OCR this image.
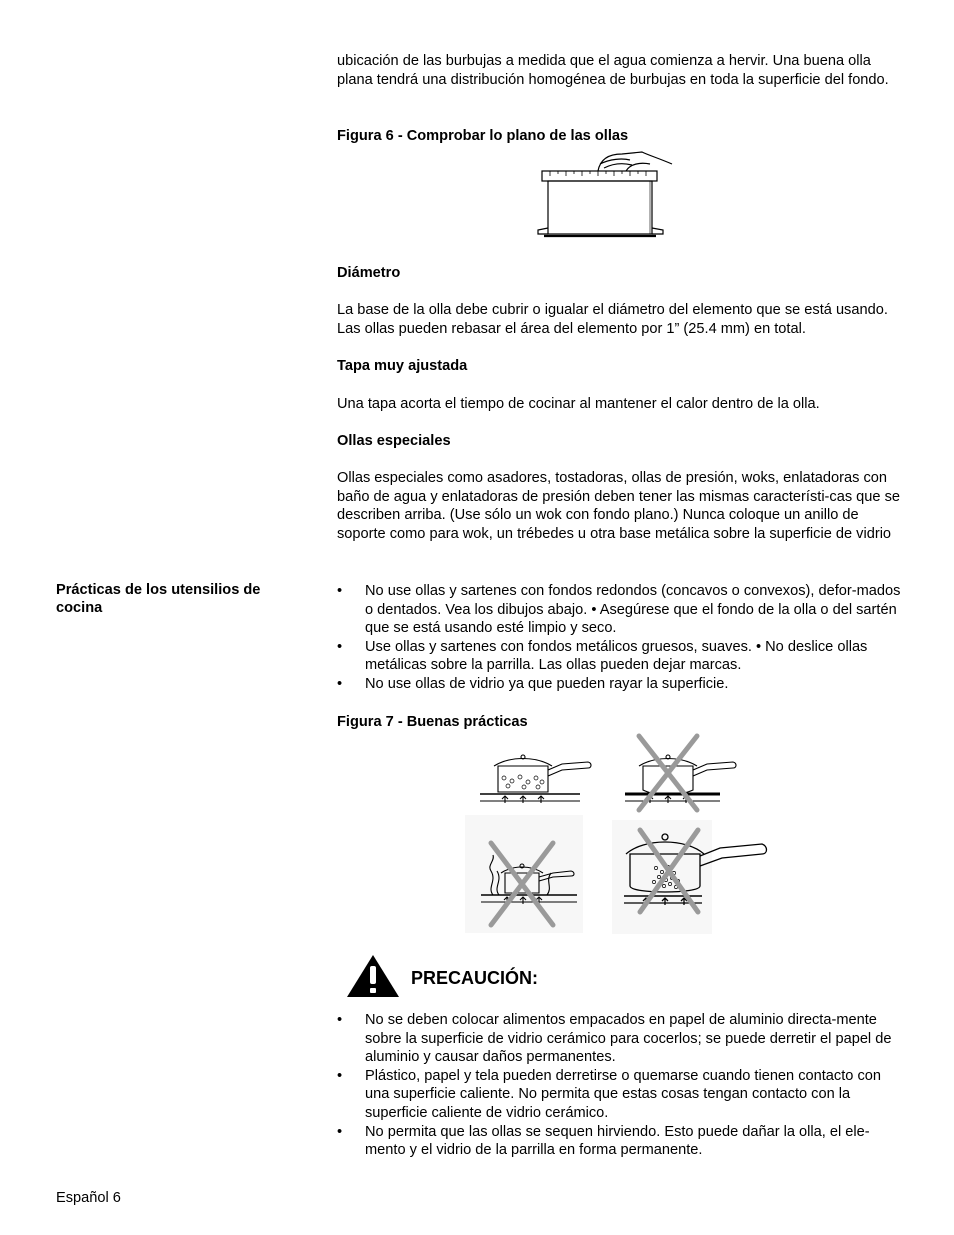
ubicación de las burbujas a medida que el agua comienza a hervir. Una buena olla plana tendrá una distribución homogénea de burbujas en toda la superficie del fondo.

Figura 6 - Comprobar lo plano de las ollas

Diámetro

La base de la olla debe cubrir o igualar el diámetro del elemento que se está usando. Las ollas pueden rebasar el área del elemento por 1” (25.4 mm) en total.

Tapa muy ajustada

Una tapa acorta el tiempo de cocinar al mantener el calor dentro de la olla.

Ollas especiales

Ollas especiales como asadores, tostadoras, ollas de presión, woks, enlatadoras con baño de agua y enlatadoras de presión deben tener las mismas característi-cas que se describen arriba. (Use sólo un wok con fondo plano.) Nunca coloque un anillo de soporte como para wok, un trébedes u otra base metálica sobre la superficie de vidrio

Prácticas de los utensilios de cocina
• No use ollas y sartenes con fondos redondos (concavos o convexos), defor-mados o dentados. Vea los dibujos abajo. • Asegúrese que el fondo de la olla o del sartén que se está usando esté limpio y seco.
• Use ollas y sartenes con fondos metálicos gruesos, suaves. • No deslice ollas metálicas sobre la parrilla. Las ollas pueden dejar marcas.
• No use ollas de vidrio ya que pueden rayar la superficie.

Figura 7 - Buenas prácticas

PRECAUCIÓN:
• No se deben colocar alimentos empacados en papel de aluminio directa-mente sobre la superficie de vidrio cerámico para cocerlos; se puede derretir el papel de aluminio y causar daños permanentes.
• Plástico, papel y tela pueden derretirse o quemarse cuando tienen contacto con una superficie caliente. No permita que estas cosas tengan contacto con la superficie caliente de vidrio cerámico.
• No permita que las ollas se sequen hirviendo. Esto puede dañar la olla, el ele-mento y el vidrio de la parrilla en forma permanente.
Español 6
